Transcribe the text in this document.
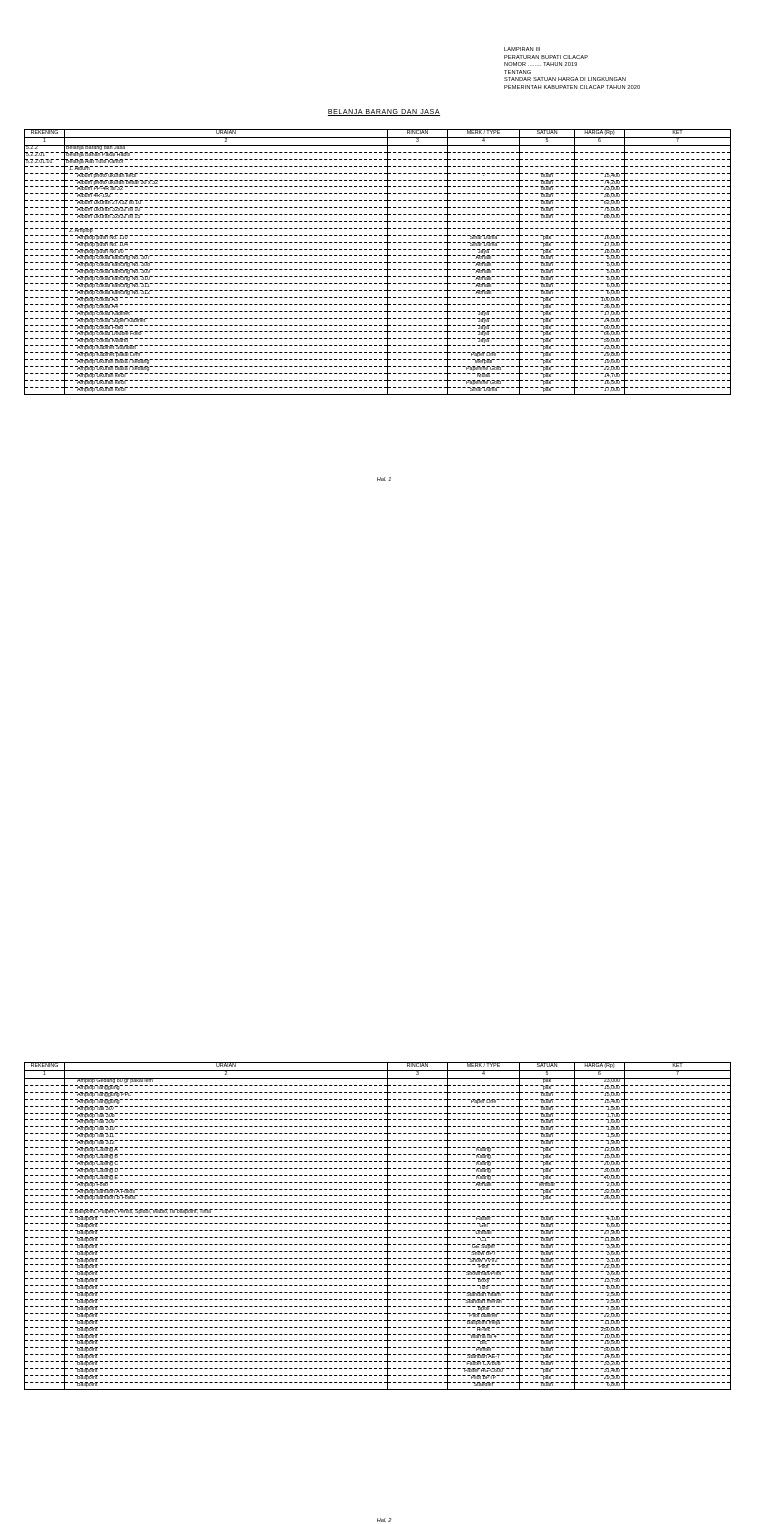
LAMPIRAN III
PERATURAN BUPATI CILACAP
NOMOR ........ TAHUN 2019
TENTANG
STANDAR SATUAN HARGA DI LINGKUNGAN
PEMERINTAH KABUPATEN CILACAP TAHUN 2020
BELANJA BARANG DAN JASA
REKENING	URAIAN	RINCIAN	MERK / TYPE	SATUAN	HARGA (Rp)	KET
1	2	3	4	5	6	7
5.2.2	Belanja Barang dan Jasa					
5.2.2.01	Belanja Bahan Pakai Habis					
5.2.2.01.01	Belanja Alat Tulis Kantor					
	1. Album					
	Album photo ukuran kecil		-	buah	15,400	
	Album photo ukuran besar 30 x 32			buah	74,200	
	Album PP-4R isi 32			buah	23,000	
	Album 4R-192			buah	38,000	
	Album Ukuran 27X32 isi 10			buah	62,000	
	Album Ukuran 32x32 isi 10			buah	75,000	
	Album Ukuran 32x32 isi 15			buah	88,000	

	2. Amplop					
	Amplop putih No. 110		Sinar Dunia	pak	16,000	
	Amplop putih No. 104		Sinar Dunia	pak	17,000	
	Amplop putih No 90		Jaya	pak	18,000	
	Amplop coklat kancing No. 307		Atmalli	buah	5,000	
	Amplop coklat kancing No. 308		Atmalli	buah	5,000	
	Amplop coklat kancing No. 309		Atmalli	buah	5,000	
	Amplop coklat kancing No. 310		Atmalli	buah	5,000	
	Amplop coklat kancing No. 311		Atmalli	buah	6,000	
	Amplop coklat kancing No. 312		Atmalli	buah	6,000	
	Amplop coklat A3			pak	100,000	
	Amplop coklat A4			pak	36,000	
	Amplop coklat Kabinet		Jaya	pak	17,000	
	Amplop coklat Super Kabinet		Jaya	pak	24,000	
	Amplop coklat Folio		Jaya	pak	60,000	
	Amplop coklat Double Folio		Jaya	pak	66,000	
	Amplop coklat Kwarto		Jaya	pak	59,000	
	Amplop Kabinet Standart			pak	23,000	
	Amplop Kabinet pakai Lem		Paper Line	pak	29,800	
	Amplop Ukuran biasa / sedang		Merpati	pak	19,600	
	Amplop Ukuran biasa / sedang		Paperline Gold	pak	22,000	
	Amplop Ukuran kecil		Mulia	pak	14,700	
	Amplop Ukuran kecil		Paperline Gold	pak	16,500	
	Amplop Ukuran kecil		Sinar Dunia	pak	17,000	
Hal. 1
REKENING	URAIAN	RINCIAN	MERK / TYPE	SATUAN	HARGA (Rp)	KET
1	2	3	4	5	6	7
	Amplop Gedang 80 gr pakai lem			pak	23,000	
	Amplop Tanggung			pak	15,000	
	Amplop Tanggung PPL			buah	15,000	
	Amplop Tanggung		Paper Line	buah	15,400	
	Amplop Tali 307			buah	1,500	
	Amplop Tali 308			buah	1,700	
	Amplop Tali 309			buah	1,600	
	Amplop Tali 310			buah	1,800	
	Amplop Tali 311			buah	1,500	
	Amplop Tali 312			buah	1,900	
	Amplop Casing A		Kilang	pak	12,000	
	Amplop Casing B		Kilang	pak	15,000	
	Amplop Casing C		Kilang	pak	20,000	
	Amplop Casing D		Kilang	pak	30,000	
	Amplop Casing E		Kilang	pak	40,000	
	Amplop Folio		Atmalli	lembar	2,000	
	Amplop samson A Folios			pak	32,000	
	Amplop samson B Folios			pak	36,000	

	3. Ballpoint, Pulpen, Pensil, Spidol, Mablo, Isi ballpoint, Tinta					
	Ballpoint		Faster	buah	4,100	
	Ballpoint		Gel	buah	6,600	
	Ballpoint		Uniball	buah	27,900	
	Ballpoint		C1	buah	11,800	
	Ballpoint		GE Super	buah	3,900	
	Ballpoint		Snow BP7	buah	3,600	
	Ballpoint		Snow VVV2	buah	3,100	
	Ballpoint		Pilot	buah	22,000	
	Ballpoint		Snowman/Pilot	buah	3,600	
	Ballpoint		Boxy	buah	13,750	
	Ballpoint		Tizo	buah	8,000	
	Ballpoint		Standart hitam	buah	2,500	
	Ballpoint		Standart merah	buah	2,500	
	Ballpoint		Bpoli	buah	7,500	
	Ballpoint		Pilot balliner	buah	22,000	
	Ballpoint		Ballpoint meja	buah	11,000	
	Ballpoint		Hi-tec	buah	250,000	
	Ballpoint		Warna isi 4	buah	10,000	
	Ballpoint		Bic	buah	19,500	
	Ballpoint		Pentel	buah	50,000	
	Ballpoint		Standart AE-7	pak	14,600	
	Ballpoint		Faster CX/808	buah	33,200	
	Ballpoint		Faster HG-C600	pak	31,400	
	Ballpoint		Pilot BPTP	pak	29,300	
	Ballpoint		Staedler	buah	6,800	
Hal. 2
